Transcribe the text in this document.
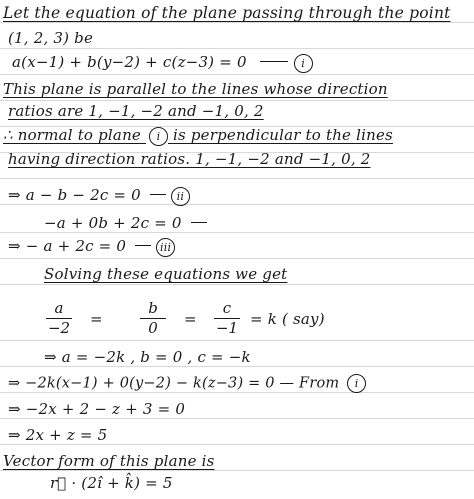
Let the equation of the plane passing through the point
(1, 2, 3) be
a(x−1) + b(y−2) + c(z−3) = 0	i
This plane is parallel to the lines whose direction
ratios are 1, −1, −2 and −1, 0, 2
∴ normal to plane i is perpendicular to the lines
having direction ratios. 1, −1, −2 and −1, 0, 2
⇒ a − b − 2c = 0	ii
−a + 0b + 2c = 0
⇒ − a + 2c = 0	iii
Solving these equations we get
a
−2 =
b
0	=
c
−1 = k ( say)
⇒ a = −2k , b = 0 , c = −k
⇒ −2k(x−1) + 0(y−2) − k(z−3) = 0 — From i
⇒ −2x + 2 − z + 3 = 0
⇒ 2x + z = 5
Vector form of this plane is
r⃗ · (2î + k̂) = 5
